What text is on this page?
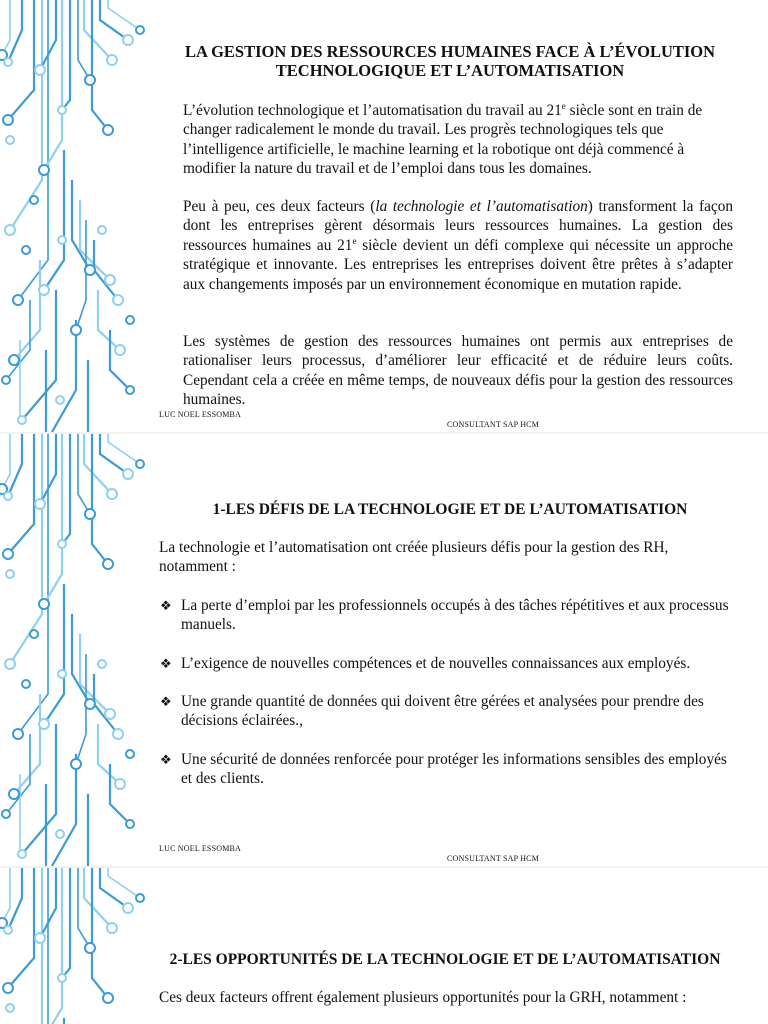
LA GESTION DES RESSOURCES HUMAINES FACE À L’ÉVOLUTION
TECHNOLOGIQUE ET L’AUTOMATISATION

L’évolution technologique et l’automatisation du travail au 21e siècle sont en train de changer radicalement le monde du travail. Les progrès technologiques tels que l’intelligence artificielle, le machine learning et la robotique ont déjà commencé à modifier la nature du travail et de l’emploi dans tous les domaines.

Peu à peu, ces deux facteurs (la technologie et l’automatisation) transforment la façon dont les entreprises gèrent désormais leurs ressources humaines. La gestion des ressources humaines au 21e siècle devient un défi complexe qui nécessite un approche stratégique et innovante. Les entreprises les entreprises doivent être prêtes à s’adapter aux changements imposés par un environnement économique en mutation rapide.

Les systèmes de gestion des ressources humaines ont permis aux entreprises de rationaliser leurs processus, d’améliorer leur efficacité et de réduire leurs coûts. Cependant cela a créée en même temps, de nouveaux défis pour la gestion des ressources humaines.

LUC NOEL ESSOMBA
CONSULTANT SAP HCM
1-LES DÉFIS DE LA TECHNOLOGIE ET DE L’AUTOMATISATION

La technologie et l’automatisation ont créée plusieurs défis pour la gestion des RH, notamment :

❖ La perte d’emploi par les professionnels occupés à des tâches répétitives et aux processus manuels.
❖ L’exigence de nouvelles compétences et de nouvelles connaissances aux employés.
❖ Une grande quantité de données qui doivent être gérées et analysées pour prendre des décisions éclairées.,
❖ Une sécurité de données renforcée pour protéger les informations sensibles des employés et des clients.
LUC NOEL ESSOMBA
CONSULTANT SAP HCM
2-LES OPPORTUNITÉS DE LA TECHNOLOGIE ET DE L’AUTOMATISATION

Ces deux facteurs offrent également plusieurs opportunités pour la GRH, notamment :
